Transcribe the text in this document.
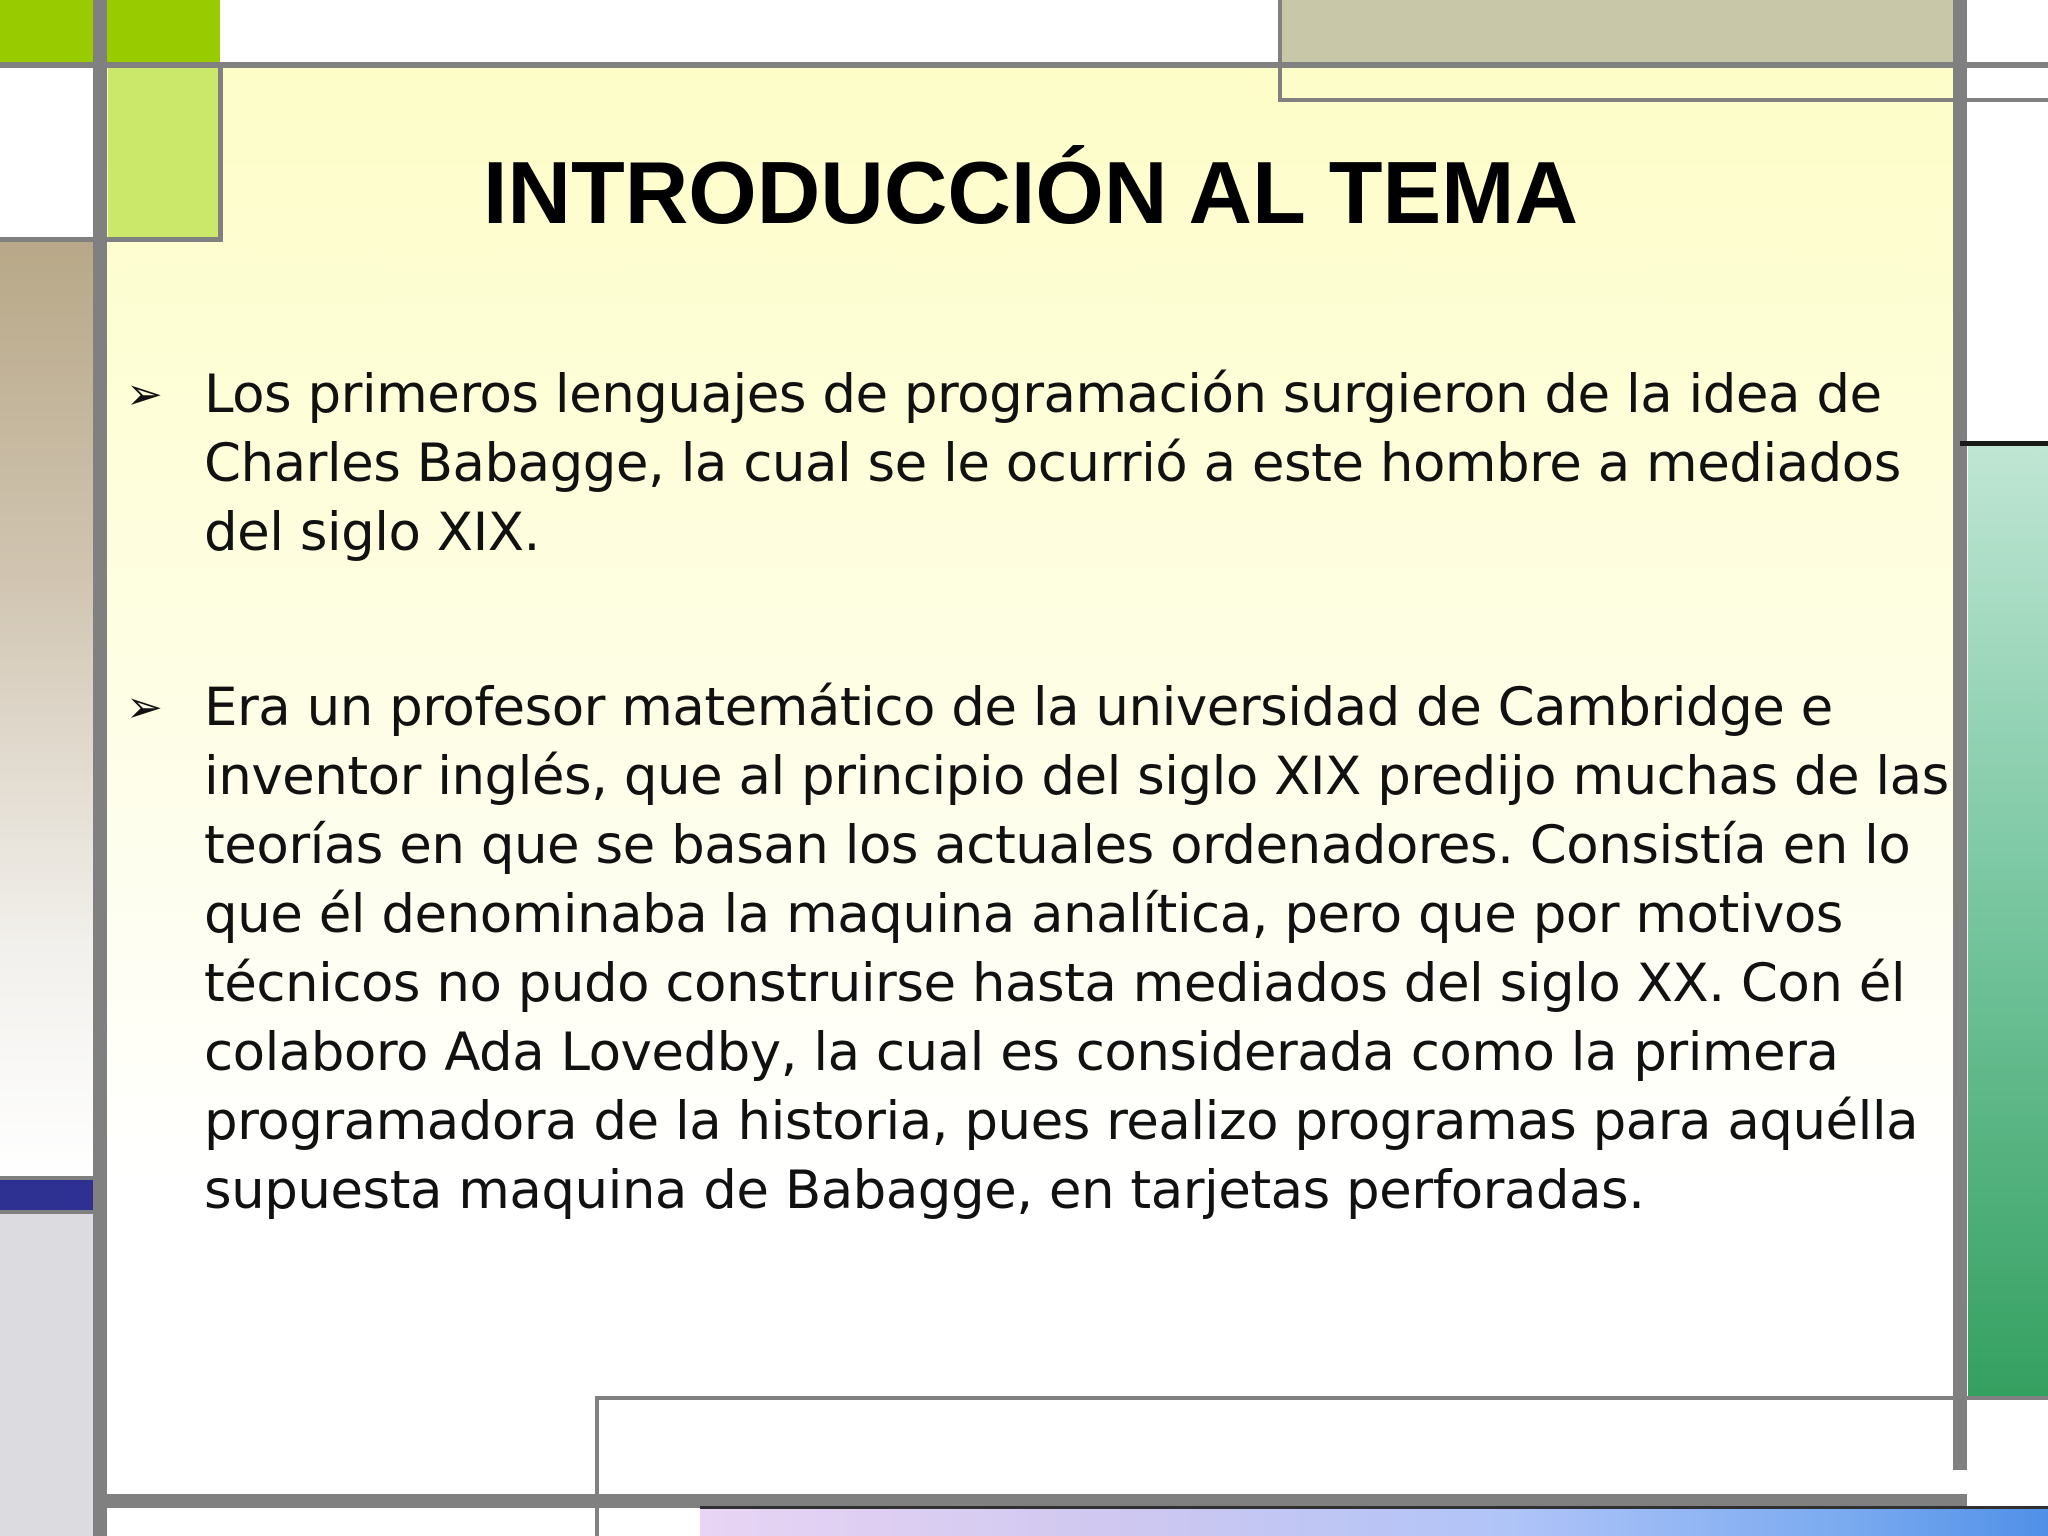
INTRODUCCIÓN AL TEMA
➢ Los primeros lenguajes de programación surgieron de la idea de Charles Babagge, la cual se le ocurrió a este hombre a mediados del siglo XIX.
➢ Era un profesor matemático de la universidad de Cambridge e inventor inglés, que al principio del siglo XIX predijo muchas de las teorías en que se basan los actuales ordenadores. Consistía en lo que él denominaba la maquina analítica, pero que por motivos técnicos no pudo construirse hasta mediados del siglo XX. Con él colaboro Ada Lovedby, la cual es considerada como la primera programadora de la historia, pues realizo programas para aquélla supuesta maquina de Babagge, en tarjetas perforadas.
